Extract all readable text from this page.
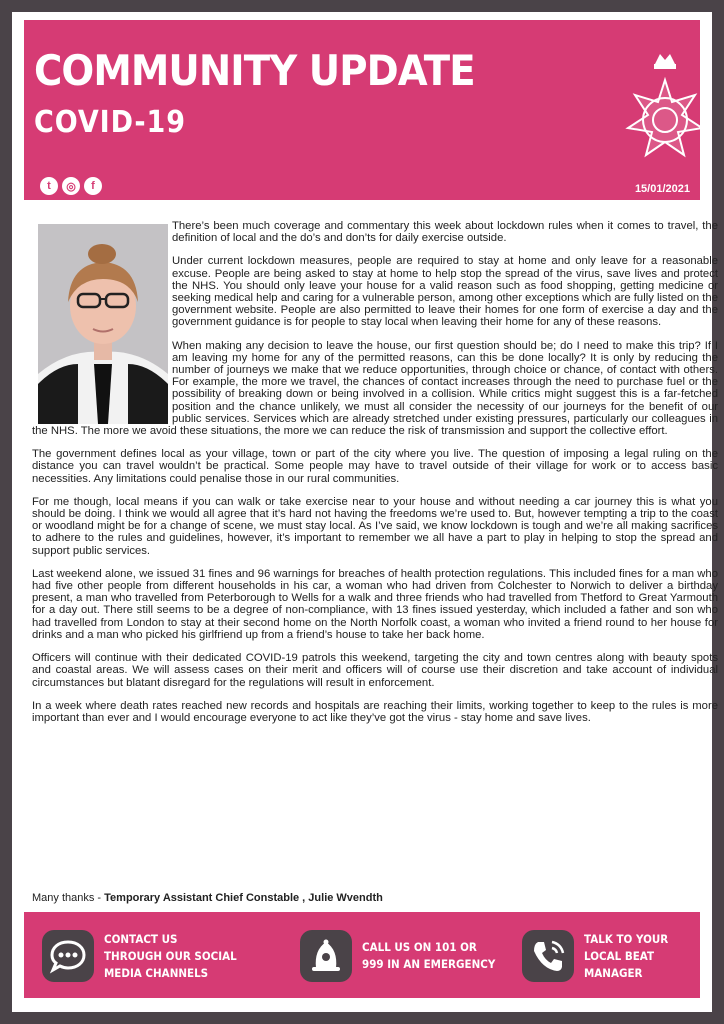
COMMUNITY UPDATE
COVID-19
t	◎	f	15/01/2021

There’s been much coverage and commentary this week about lockdown rules when it comes to travel, the definition of local and the do’s and don’ts for daily exercise outside.

Under current lockdown measures, people are required to stay at home and only leave for a reasonable excuse. People are being asked to stay at home to help stop the spread of the virus, save lives and protect the NHS. You should only leave your house for a valid reason such as food shopping, getting medicine or seeking medical help and caring for a vulnerable person, among other exceptions which are fully listed on the government website. People are also permitted to leave their homes for one form of exercise a day and the government guidance is for people to stay local when leaving their home for any of these reasons.

When making any decision to leave the house, our first question should be; do I need to make this trip? If I am leaving my home for any of the permitted reasons, can this be done locally? It is only by reducing the number of journeys we make that we reduce opportunities, through choice or chance, of contact with others. For example, the more we travel, the chances of contact increases through the need to purchase fuel or the possibility of breaking down or being involved in a collision. While critics might suggest this is a far-fetched position and the chance unlikely, we must all consider the necessity of our journeys for the benefit of our public services. Services which are already stretched under existing pressures, particularly our colleagues in the NHS. The more we avoid these situations, the more we can reduce the risk of transmission and support the collective effort.

The government defines local as your village, town or part of the city where you live. The question of imposing a legal ruling on the distance you can travel wouldn’t be practical. Some people may have to travel outside of their village for work or to access basic necessities. Any limitations could penalise those in our rural communities.

For me though, local means if you can walk or take exercise near to your house and without needing a car journey this is what you should be doing. I think we would all agree that it’s hard not having the freedoms we’re used to. But, however tempting a trip to the coast or woodland might be for a change of scene, we must stay local. As I’ve said, we know lockdown is tough and we’re all making sacrifices to adhere to the rules and guidelines, however, it’s important to remember we all have a part to play in helping to stop the spread and support public services.

Last weekend alone, we issued 31 fines and 96 warnings for breaches of health protection regulations. This included fines for a man who had five other people from different households in his car, a woman who had driven from Colchester to Norwich to deliver a birthday present, a man who travelled from Peterborough to Wells for a walk and three friends who had travelled from Thetford to Great Yarmouth for a day out. There still seems to be a degree of non-compliance, with 13 fines issued yesterday, which included a father and son who had travelled from London to stay at their second home on the North Norfolk coast, a woman who invited a friend round to her house for drinks and a man who picked his girlfriend up from a friend’s house to take her back home.

Officers will continue with their dedicated COVID-19 patrols this weekend, targeting the city and town centres along with beauty spots and coastal areas. We will assess cases on their merit and officers will of course use their discretion and take account of individual circumstances but blatant disregard for the regulations will result in enforcement.

In a week where death rates reached new records and hospitals are reaching their limits, working together to keep to the rules is more important than ever and I would encourage everyone to act like they’ve got the virus - stay home and save lives.

Many thanks - Temporary Assistant Chief Constable , Julie Wvendth
CONTACT US THROUGH OUR SOCIAL MEDIA CHANNELS
CALL US ON 101 OR 999 IN AN EMERGENCY
TALK TO YOUR LOCAL BEAT MANAGER
